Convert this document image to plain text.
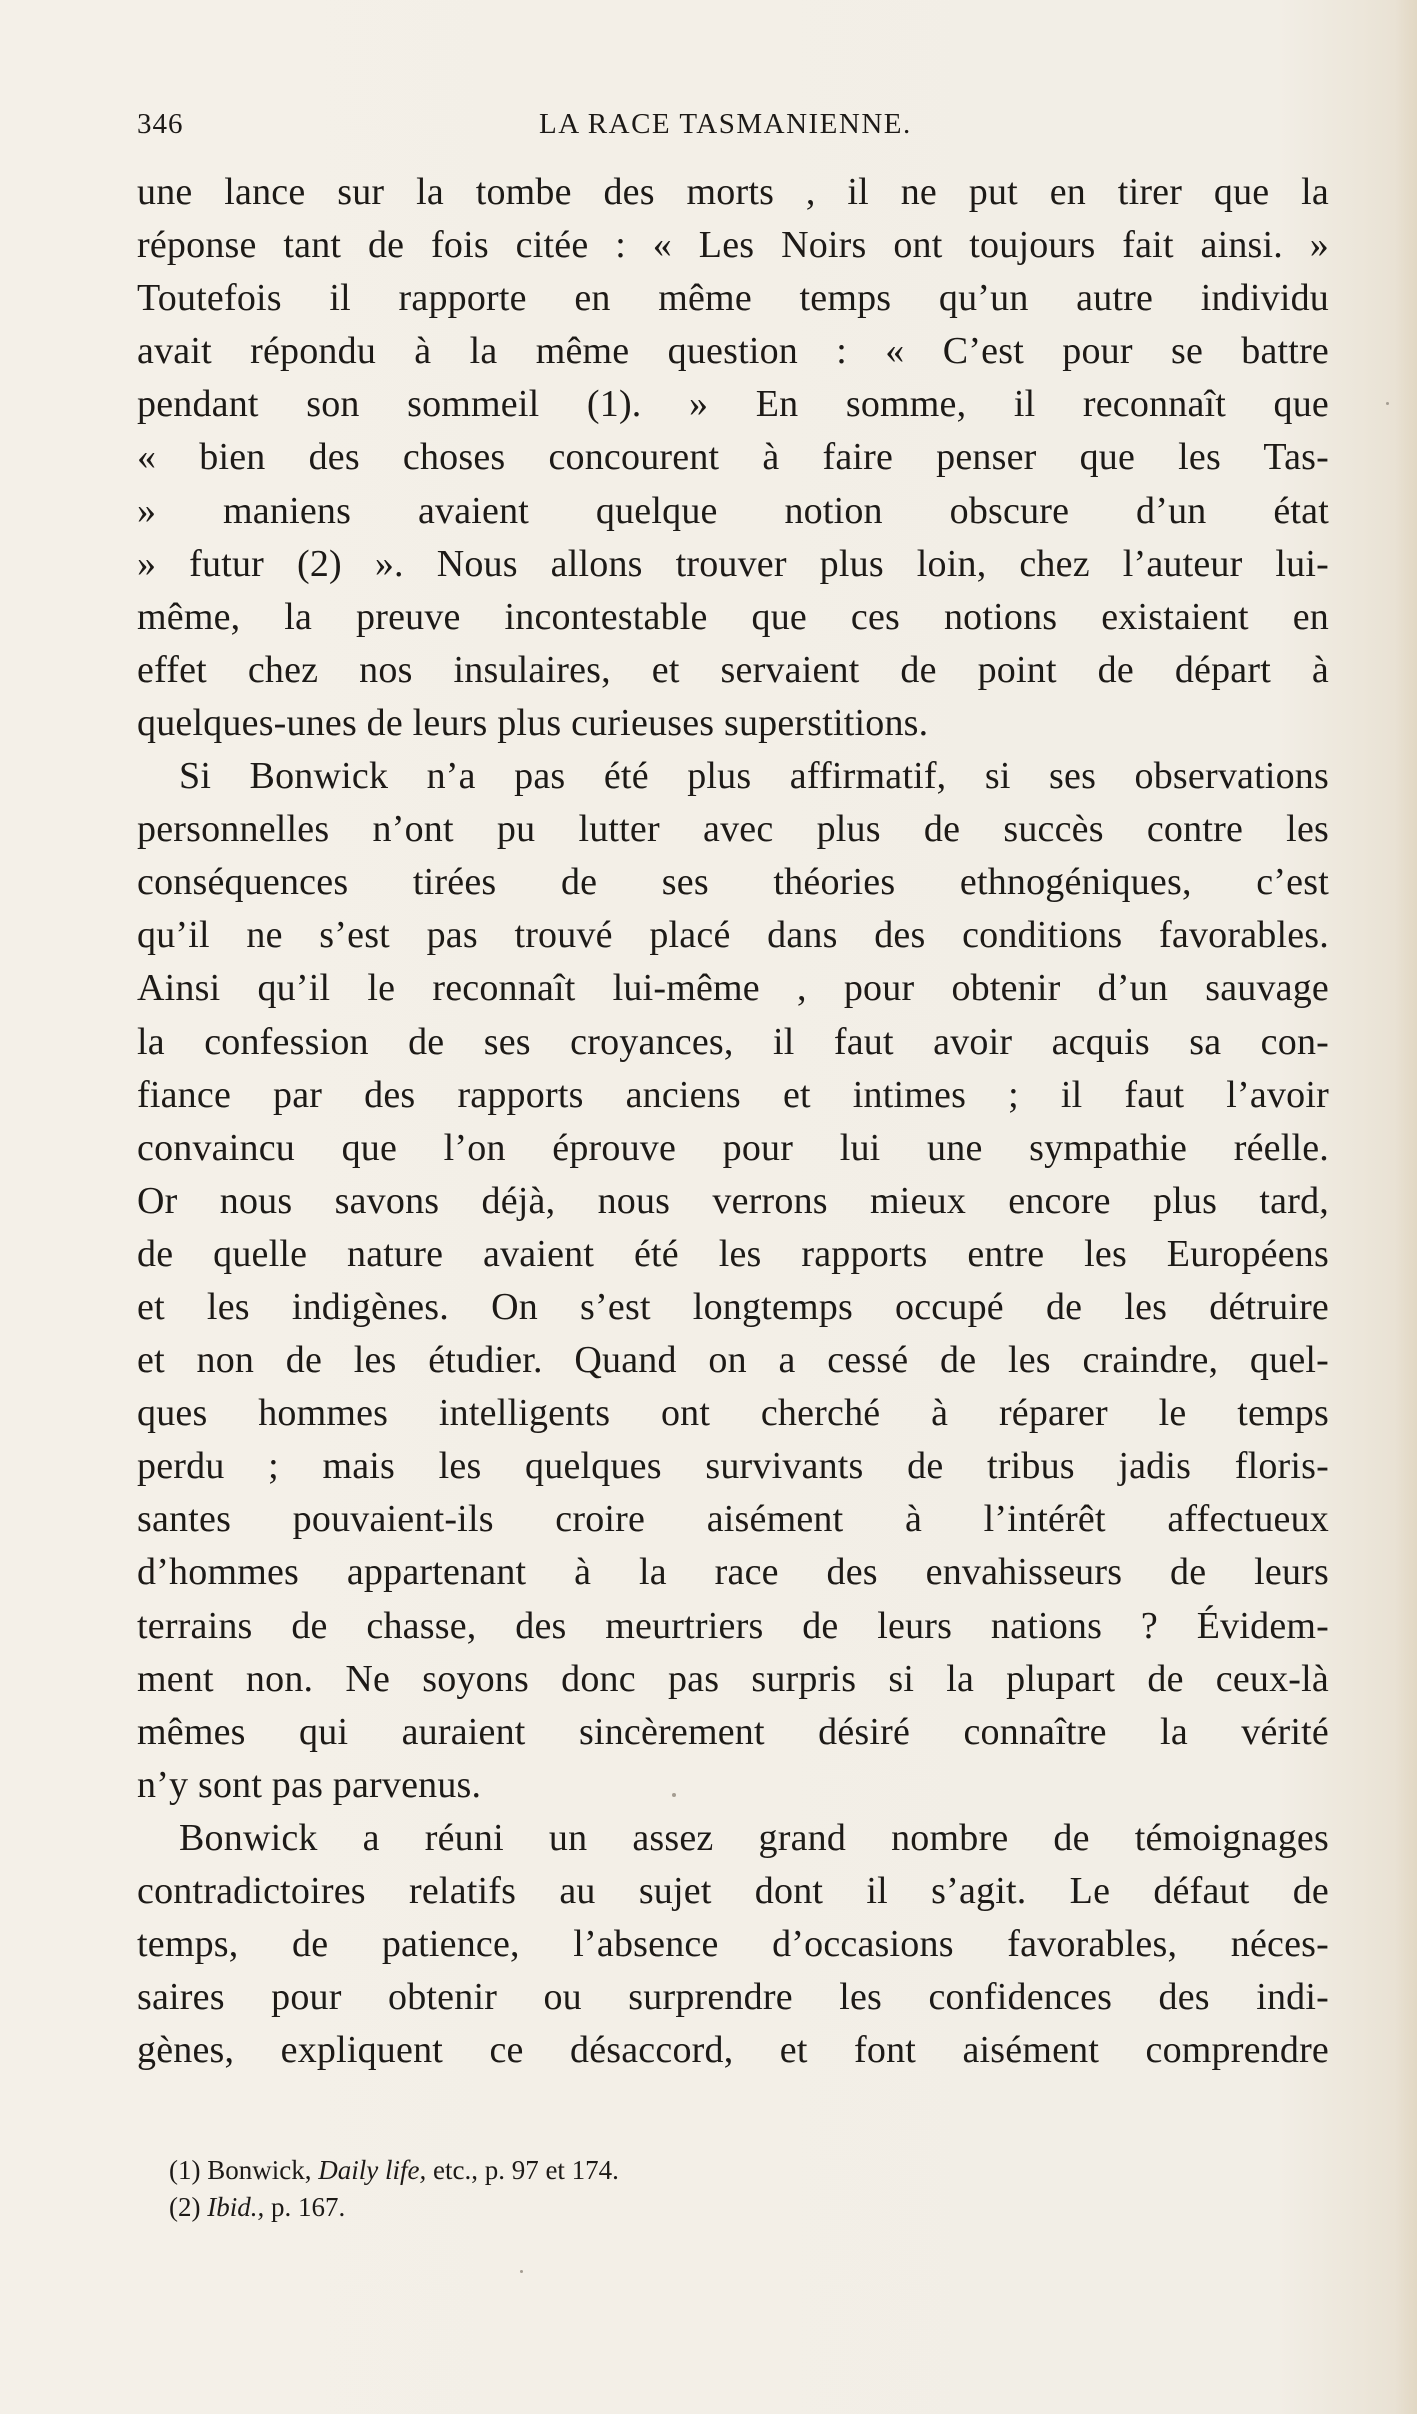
346	LA RACE TASMANIENNE.
une lance sur la tombe des morts , il ne put en tirer que la
réponse tant de fois citée : « Les Noirs ont toujours fait ainsi. »
Toutefois il rapporte en même temps qu’un autre individu
avait répondu à la même question : « C’est pour se battre
pendant son sommeil (1). » En somme, il reconnaît que
« bien des choses concourent à faire penser que les Tas-
» maniens avaient quelque notion obscure d’un état
» futur (2) ». Nous allons trouver plus loin, chez l’auteur lui-
même, la preuve incontestable que ces notions existaient en
effet chez nos insulaires, et servaient de point de départ à
quelques-unes de leurs plus curieuses superstitions.
Si Bonwick n’a pas été plus affirmatif, si ses observations
personnelles n’ont pu lutter avec plus de succès contre les
conséquences tirées de ses théories ethnogéniques, c’est
qu’il ne s’est pas trouvé placé dans des conditions favorables.
Ainsi qu’il le reconnaît lui-même , pour obtenir d’un sauvage
la confession de ses croyances, il faut avoir acquis sa con-
fiance par des rapports anciens et intimes ; il faut l’avoir
convaincu que l’on éprouve pour lui une sympathie réelle.
Or nous savons déjà, nous verrons mieux encore plus tard,
de quelle nature avaient été les rapports entre les Européens
et les indigènes. On s’est longtemps occupé de les détruire
et non de les étudier. Quand on a cessé de les craindre, quel-
ques hommes intelligents ont cherché à réparer le temps
perdu ; mais les quelques survivants de tribus jadis floris-
santes pouvaient-ils croire aisément à l’intérêt affectueux
d’hommes appartenant à la race des envahisseurs de leurs
terrains de chasse, des meurtriers de leurs nations ? Évidem-
ment non. Ne soyons donc pas surpris si la plupart de ceux-là
mêmes qui auraient sincèrement désiré connaître la vérité
n’y sont pas parvenus.
Bonwick a réuni un assez grand nombre de témoignages
contradictoires relatifs au sujet dont il s’agit. Le défaut de
temps, de patience, l’absence d’occasions favorables, néces-
saires pour obtenir ou surprendre les confidences des indi-
gènes, expliquent ce désaccord, et font aisément comprendre
(1) Bonwick, Daily life, etc., p. 97 et 174.
(2) Ibid., p. 167.
